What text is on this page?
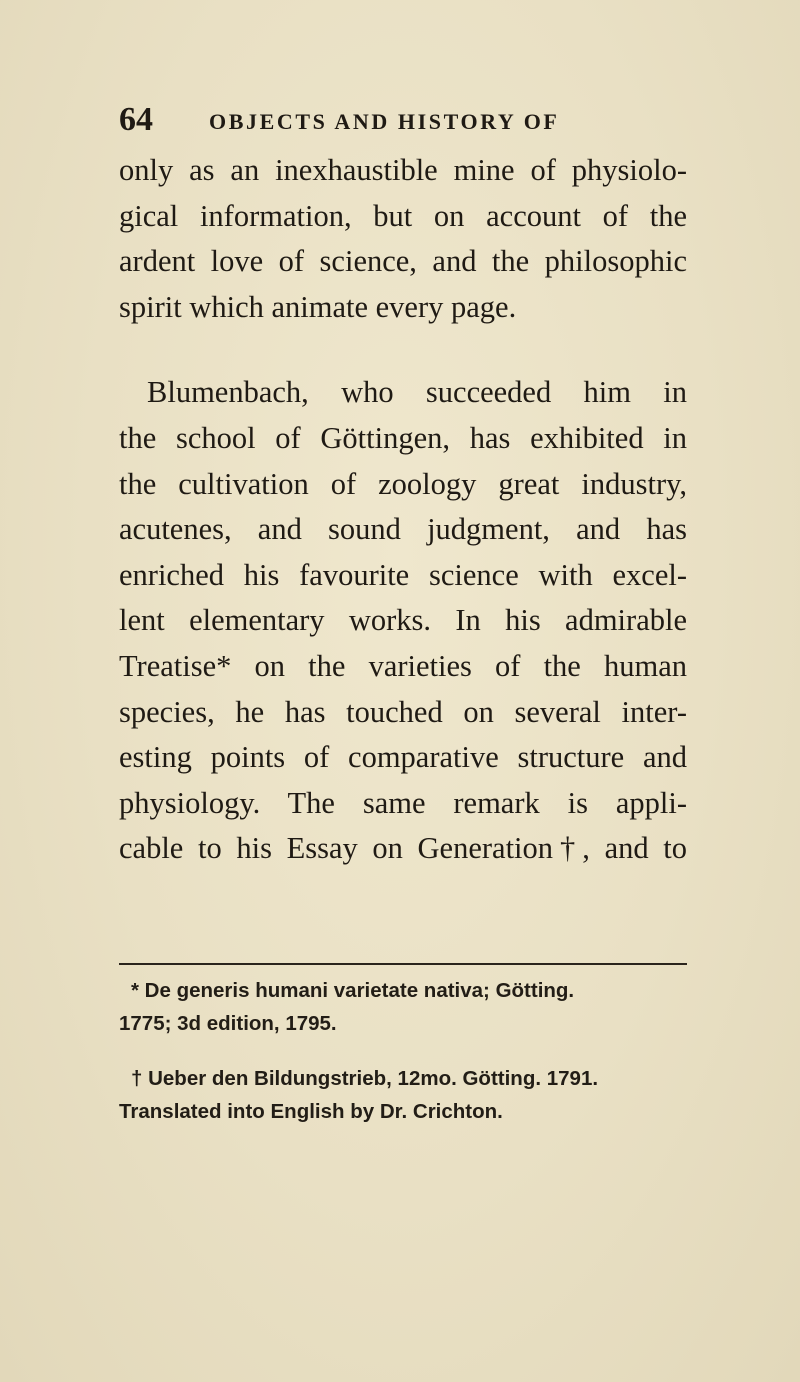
64	OBJECTS AND HISTORY OF

only as an inexhaustible mine of physiolo-
gical information, but on account of the
ardent love of science, and the philosophic
spirit which animate every page.

Blumenbach, who succeeded him in
the school of Göttingen, has exhibited in
the cultivation of zoology great industry,
acutenes, and sound judgment, and has
enriched his favourite science with excel-
lent elementary works. In his admirable
Treatise* on the varieties of the human
species, he has touched on several inter-
esting points of comparative structure and
physiology. The same remark is appli-
cable to his Essay on Generation†, and to

* De generis humani varietate nativa; Götting.
1775; 3d edition, 1795.

† Ueber den Bildungstrieb, 12mo. Götting. 1791.
Translated into English by Dr. Crichton.
